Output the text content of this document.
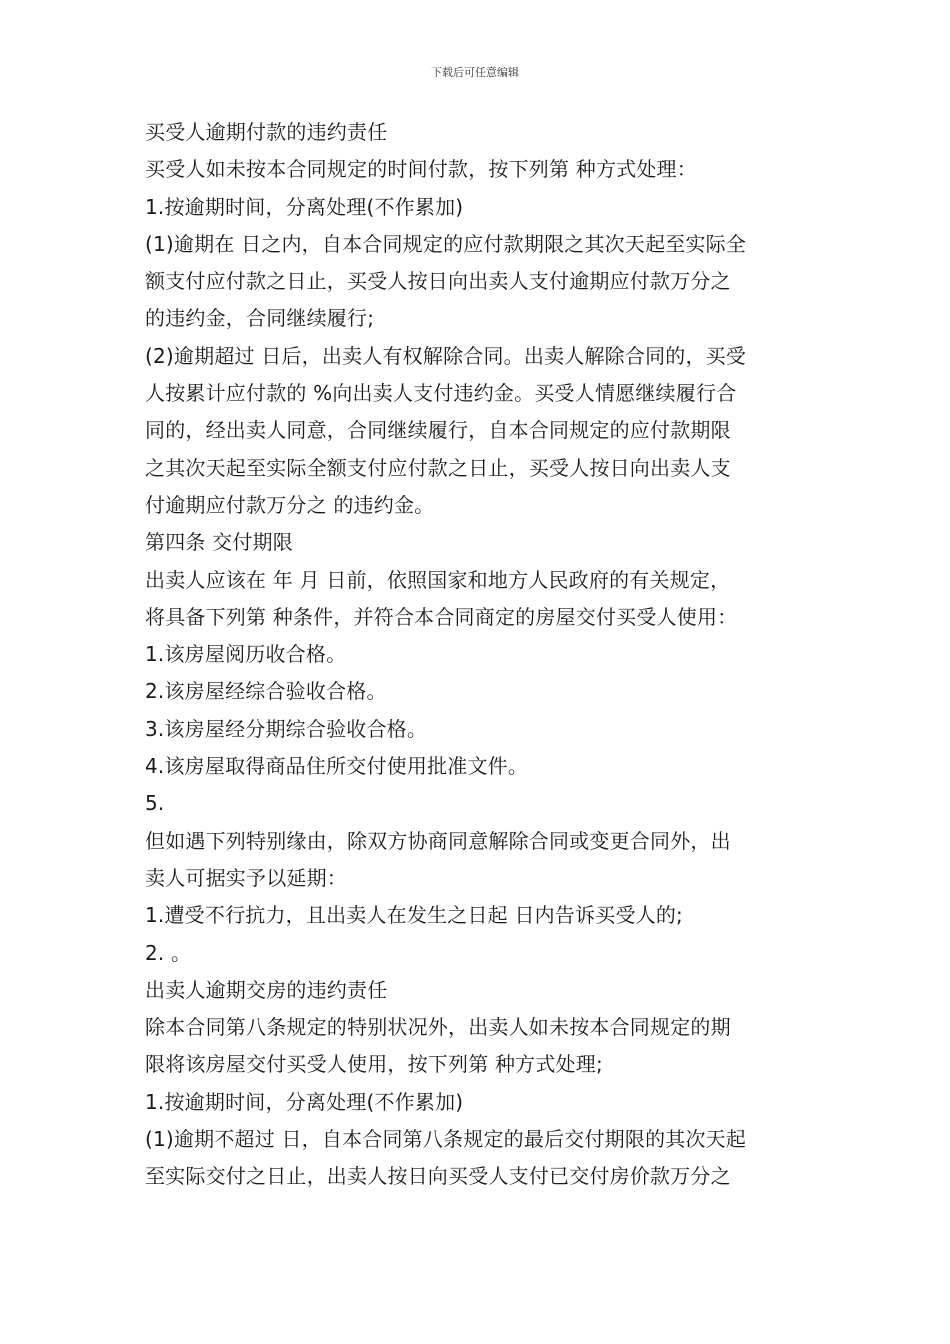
下载后可任意编辑
买受人逾期付款的违约责任
买受人如未按本合同规定的时间付款，按下列第 种方式处理：
1.按逾期时间，分离处理(不作累加)
(1)逾期在 日之内，自本合同规定的应付款期限之其次天起至实际全
额支付应付款之日止，买受人按日向出卖人支付逾期应付款万分之
的违约金，合同继续履行;
(2)逾期超过 日后，出卖人有权解除合同。出卖人解除合同的，买受
人按累计应付款的 %向出卖人支付违约金。买受人情愿继续履行合
同的，经出卖人同意，合同继续履行，自本合同规定的应付款期限
之其次天起至实际全额支付应付款之日止，买受人按日向出卖人支
付逾期应付款万分之 的违约金。
第四条 交付期限
出卖人应该在 年 月 日前，依照国家和地方人民政府的有关规定，
将具备下列第 种条件，并符合本合同商定的房屋交付买受人使用：
1.该房屋阅历收合格。
2.该房屋经综合验收合格。
3.该房屋经分期综合验收合格。
4.该房屋取得商品住所交付使用批准文件。
5.
但如遇下列特别缘由，除双方协商同意解除合同或变更合同外，出
卖人可据实予以延期：
1.遭受不行抗力，且出卖人在发生之日起 日内告诉买受人的;
2. 。
出卖人逾期交房的违约责任
除本合同第八条规定的特别状况外，出卖人如未按本合同规定的期
限将该房屋交付买受人使用，按下列第 种方式处理;
1.按逾期时间，分离处理(不作累加)
(1)逾期不超过 日，自本合同第八条规定的最后交付期限的其次天起
至实际交付之日止，出卖人按日向买受人支付已交付房价款万分之
